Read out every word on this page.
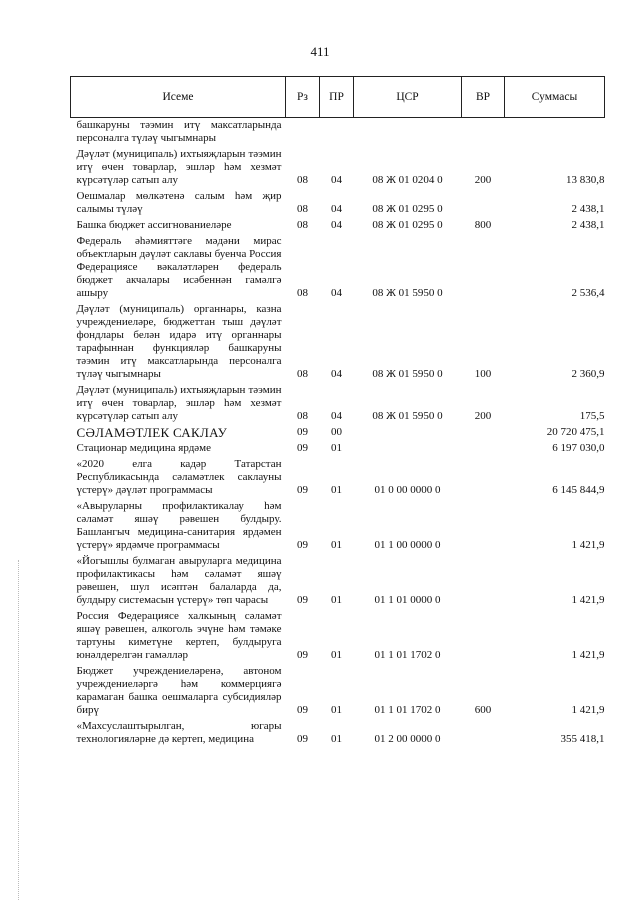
411
Исеме	Рз	ПР	ЦСР	ВР	Суммасы
башкаруны тәэмин итү максатларында персоналга түләү чыгымнары					
Дәүләт (муниципаль) ихтыяҗларын тәэмин итү өчен товарлар, эшләр һәм хезмәт күрсәтүләр сатып алу	08	04	08 Ж 01 0204 0	200	13 830,8
Оешмалар мөлкәтенә салым һәм җир салымы түләү	08	04	08 Ж 01 0295 0		2 438,1
Башка бюджет ассигнованиеләре	08	04	08 Ж 01 0295 0	800	2 438,1
Федераль әһәмияттәге мәдәни мирас объектларын дәүләт саклавы буенча Россия Федерациясе вәкаләтләрен федераль бюджет акчалары исәбеннән гамәлгә ашыру	08	04	08 Ж 01 5950 0		2 536,4
Дәүләт (муниципаль) органнары, казна учреждениеләре, бюджеттан тыш дәүләт фондлары белән идарә итү органнары тарафыннан функцияләр башкаруны тәэмин итү максатларында персоналга түләү чыгымнары	08	04	08 Ж 01 5950 0	100	2 360,9
Дәүләт (муниципаль) ихтыяҗларын тәэмин итү өчен товарлар, эшләр һәм хезмәт күрсәтүләр сатып алу	08	04	08 Ж 01 5950 0	200	175,5
СӘЛАМӘТЛЕК САКЛАУ	09	00			20 720 475,1
Стационар медицина ярдәме	09	01			6 197 030,0
«2020 елга кадәр Татарстан Республикасында сәламәтлек саклауны үстерү» дәүләт программасы	09	01	01 0 00 0000 0		6 145 844,9
«Авыруларны профилактикалау һәм сәламәт яшәү рәвешен булдыру. Башлангыч медицина-санитария ярдәмен үстерү» ярдәмче программасы	09	01	01 1 00 0000 0		1 421,9
«Йогышлы булмаган авыруларга медицина профилактикасы һәм сәламәт яшәү рәвешен, шул исәптән балаларда да, булдыру системасын үстерү» төп чарасы	09	01	01 1 01 0000 0		1 421,9
Россия Федерациясе халкының сәламәт яшәү рәвешен, алкоголь эчүне һәм тәмәке тартуны киметүне кертеп, булдыруга юнәлдерелгән гамәлләр	09	01	01 1 01 1702 0		1 421,9
Бюджет учреждениеләренә, автоном учреждениеләргә һәм коммерциягә карамаган башка оешмаларга субсидияләр бирү	09	01	01 1 01 1702 0	600	1 421,9
«Махсуслаштырылган, югары технологияләрне дә кертеп, медицина	09	01	01 2 00 0000 0		355 418,1
